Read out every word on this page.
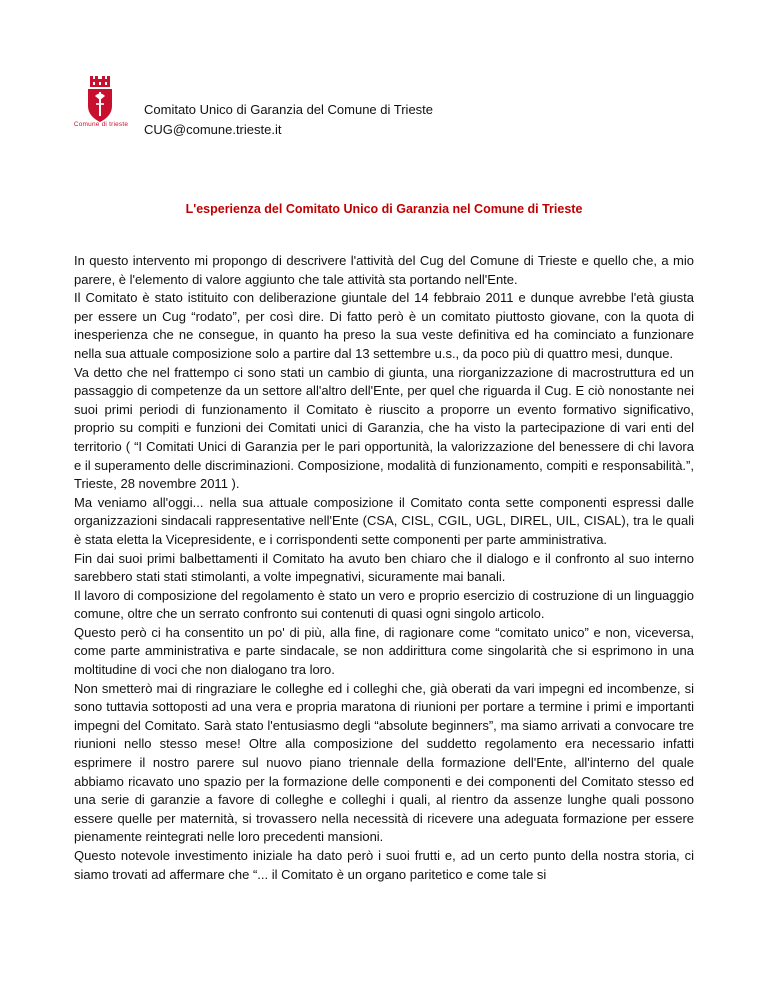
Comune di trieste
Comitato Unico di Garanzia del Comune di Trieste
CUG@comune.trieste.it
L'esperienza del Comitato Unico di Garanzia nel Comune di Trieste

In questo intervento mi propongo di descrivere l'attività del Cug del Comune di Trieste e quello che, a mio parere, è l'elemento di valore aggiunto che tale attività sta portando nell'Ente.

Il Comitato è stato istituito con deliberazione giuntale del 14 febbraio 2011 e dunque avrebbe l'età giusta per essere un Cug “rodato”, per così dire. Di fatto però è un comitato piuttosto giovane, con la quota di inesperienza che ne consegue, in quanto ha preso la sua veste definitiva ed ha cominciato a funzionare nella sua attuale composizione solo a partire dal 13 settembre u.s., da poco più di quattro mesi, dunque.

Va detto che nel frattempo ci sono stati un cambio di giunta, una riorganizzazione di macrostruttura ed un passaggio di competenze da un settore all'altro dell'Ente, per quel che riguarda il Cug. E ciò nonostante nei suoi primi periodi di funzionamento il Comitato è riuscito a proporre un evento formativo significativo, proprio su compiti e funzioni dei Comitati unici di Garanzia, che ha visto la partecipazione di vari enti del territorio ( “I Comitati Unici di Garanzia per le pari opportunità, la valorizzazione del benessere di chi lavora e il superamento delle discriminazioni. Composizione, modalità di funzionamento, compiti e responsabilità.”, Trieste, 28 novembre 2011 ).

Ma veniamo all'oggi... nella sua attuale composizione il Comitato conta sette componenti espressi dalle organizzazioni sindacali rappresentative nell'Ente (CSA, CISL, CGIL, UGL, DIREL, UIL, CISAL), tra le quali è stata eletta la Vicepresidente, e i corrispondenti sette componenti per parte amministrativa.

Fin dai suoi primi balbettamenti il Comitato ha avuto ben chiaro che il dialogo e il confronto al suo interno sarebbero stati stati stimolanti, a volte impegnativi, sicuramente mai banali.

Il lavoro di composizione del regolamento è stato un vero e proprio esercizio di costruzione di un linguaggio comune, oltre che un serrato confronto sui contenuti di quasi ogni singolo articolo.

Questo però ci ha consentito un po' di più, alla fine, di ragionare come “comitato unico” e non, viceversa, come parte amministrativa e parte sindacale, se non addirittura come singolarità che si esprimono in una moltitudine di voci che non dialogano tra loro.

Non smetterò mai di ringraziare le colleghe ed i colleghi che, già oberati da vari impegni ed incombenze, si sono tuttavia sottoposti ad una vera e propria maratona di riunioni per portare a termine i primi e importanti impegni del Comitato. Sarà stato l'entusiasmo degli “absolute beginners”, ma siamo arrivati a convocare tre riunioni nello stesso mese! Oltre alla composizione del suddetto regolamento era necessario infatti esprimere il nostro parere sul nuovo piano triennale della formazione dell'Ente, all'interno del quale abbiamo ricavato uno spazio per la formazione delle componenti e dei componenti del Comitato stesso ed una serie di garanzie a favore di colleghe e colleghi i quali, al rientro da assenze lunghe quali possono essere quelle per maternità, si trovassero nella necessità di ricevere una adeguata formazione per essere pienamente reintegrati nelle loro precedenti mansioni.

Questo notevole investimento iniziale ha dato però i suoi frutti e, ad un certo punto della nostra storia, ci siamo trovati ad affermare che “... il Comitato è un organo paritetico e come tale si
